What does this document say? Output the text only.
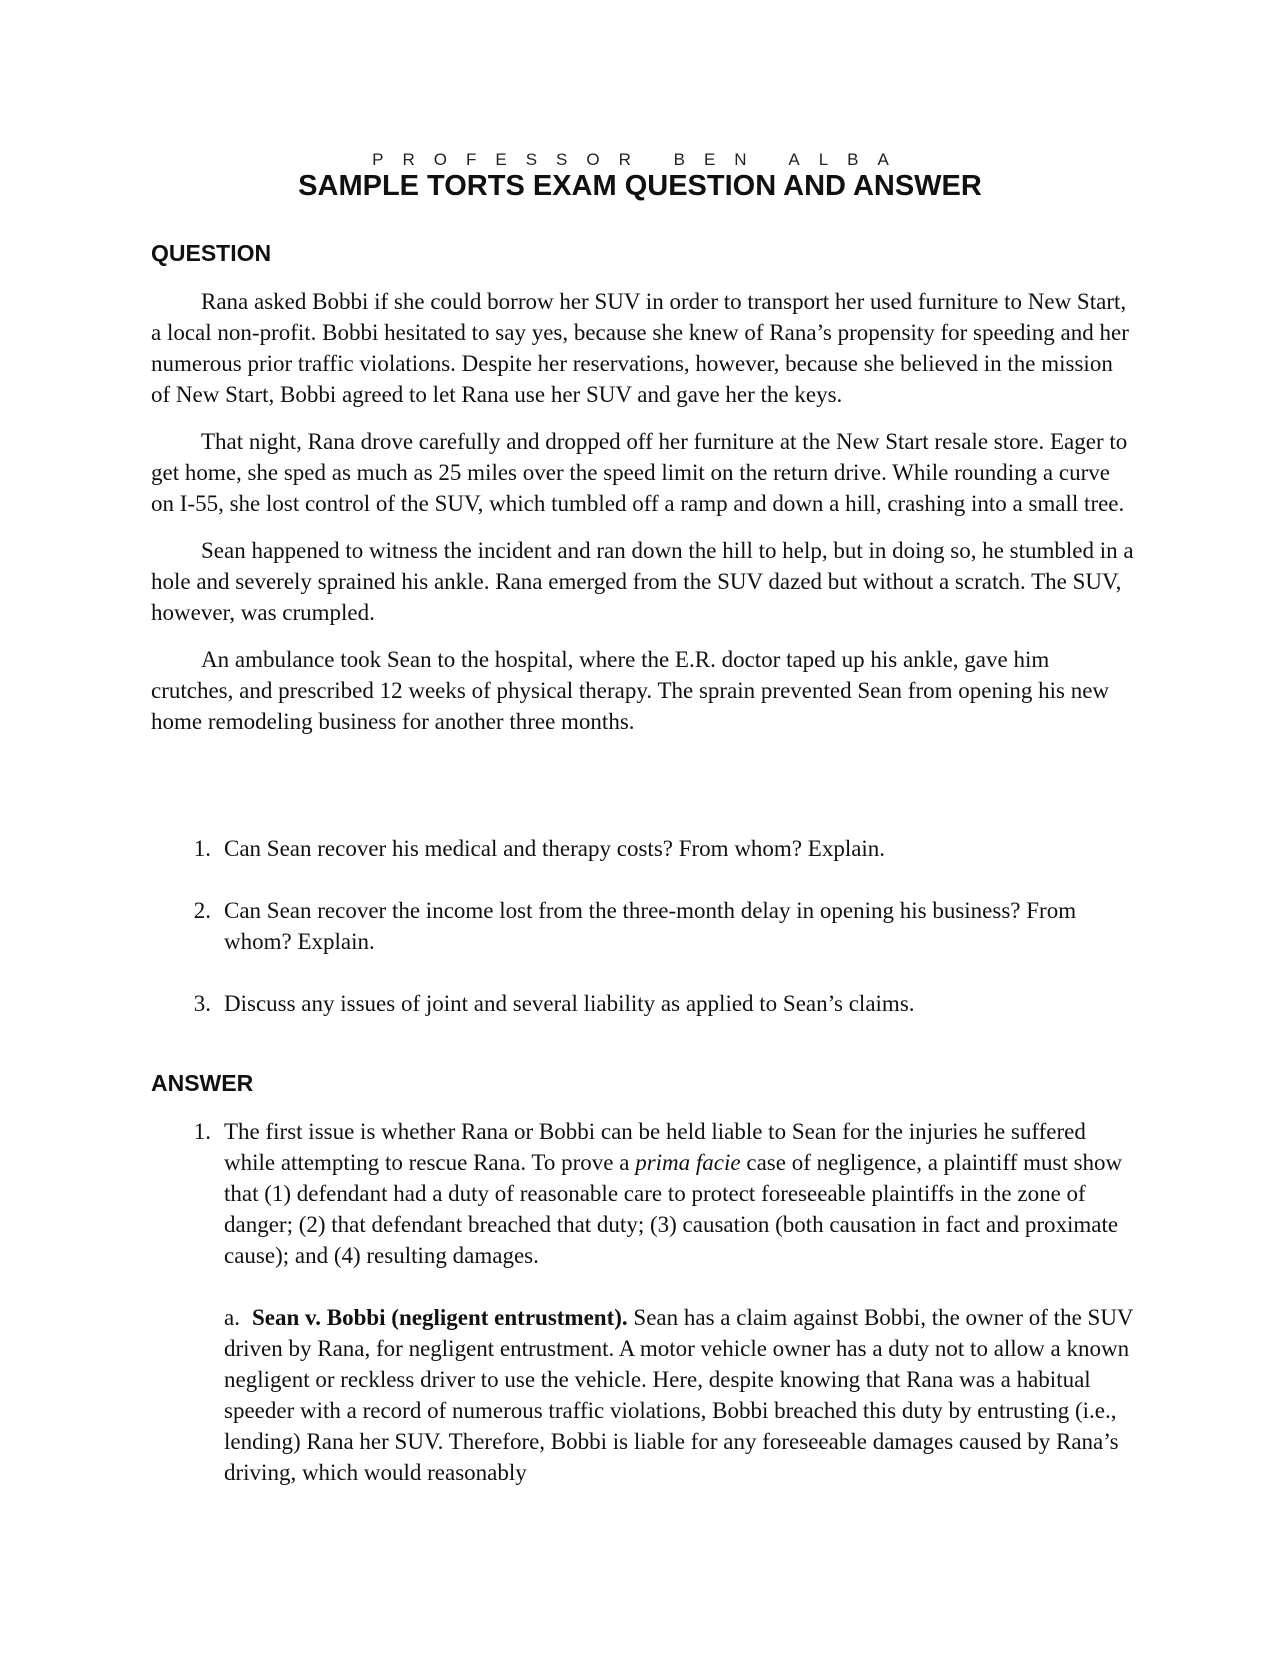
PROFESSOR BEN ALBA
SAMPLE TORTS EXAM QUESTION AND ANSWER
QUESTION

Rana asked Bobbi if she could borrow her SUV in order to transport her used furniture to New Start, a local non-profit. Bobbi hesitated to say yes, because she knew of Rana’s propensity for speeding and her numerous prior traffic violations. Despite her reservations, however, because she believed in the mission of New Start, Bobbi agreed to let Rana use her SUV and gave her the keys.

That night, Rana drove carefully and dropped off her furniture at the New Start resale store. Eager to get home, she sped as much as 25 miles over the speed limit on the return drive. While rounding a curve on I-55, she lost control of the SUV, which tumbled off a ramp and down a hill, crashing into a small tree.

Sean happened to witness the incident and ran down the hill to help, but in doing so, he stumbled in a hole and severely sprained his ankle. Rana emerged from the SUV dazed but without a scratch. The SUV, however, was crumpled.

An ambulance took Sean to the hospital, where the E.R. doctor taped up his ankle, gave him crutches, and prescribed 12 weeks of physical therapy. The sprain prevented Sean from opening his new home remodeling business for another three months.

1. Can Sean recover his medical and therapy costs? From whom? Explain.
2. Can Sean recover the income lost from the three-month delay in opening his business? From whom? Explain.
3. Discuss any issues of joint and several liability as applied to Sean’s claims.
ANSWER
1. The first issue is whether Rana or Bobbi can be held liable to Sean for the injuries he suffered while attempting to rescue Rana. To prove a prima facie case of negligence, a plaintiff must show that (1) defendant had a duty of reasonable care to protect foreseeable plaintiffs in the zone of danger; (2) that defendant breached that duty; (3) causation (both causation in fact and proximate cause); and (4) resulting damages.
a. Sean v. Bobbi (negligent entrustment). Sean has a claim against Bobbi, the owner of the SUV driven by Rana, for negligent entrustment. A motor vehicle owner has a duty not to allow a known negligent or reckless driver to use the vehicle. Here, despite knowing that Rana was a habitual speeder with a record of numerous traffic violations, Bobbi breached this duty by entrusting (i.e., lending) Rana her SUV. Therefore, Bobbi is liable for any foreseeable damages caused by Rana’s driving, which would reasonably
